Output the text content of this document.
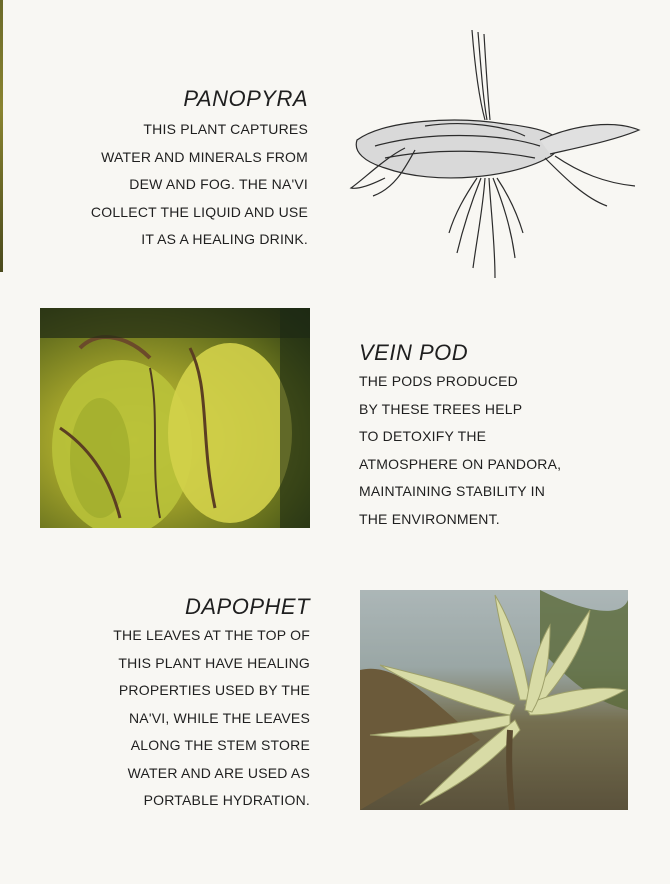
PANOPYRA

THIS PLANT CAPTURES
WATER AND MINERALS FROM
DEW AND FOG. THE NA'VI
COLLECT THE LIQUID AND USE
IT AS A HEALING DRINK.

VEIN POD

THE PODS PRODUCED
BY THESE TREES HELP
TO DETOXIFY THE
ATMOSPHERE ON PANDORA,
MAINTAINING STABILITY IN
THE ENVIRONMENT.

DAPOPHET

THE LEAVES AT THE TOP OF
THIS PLANT HAVE HEALING
PROPERTIES USED BY THE
NA'VI, WHILE THE LEAVES
ALONG THE STEM STORE
WATER AND ARE USED AS
PORTABLE HYDRATION.
